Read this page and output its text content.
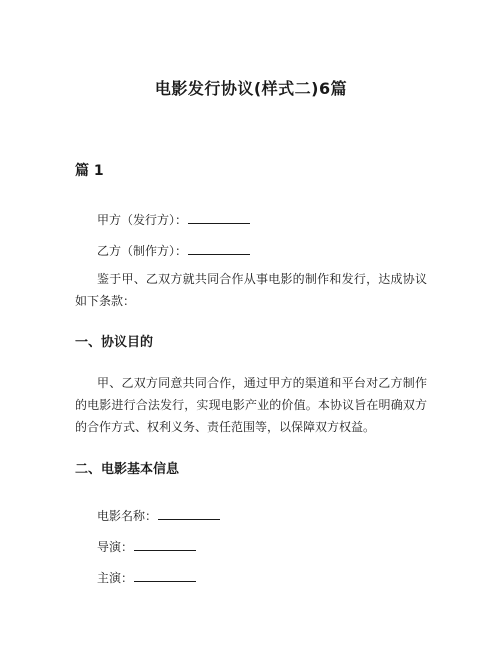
电影发行协议(样式二)6篇
篇 1
甲方（发行方）：
乙方（制作方）：
鉴于甲、乙双方就共同合作从事电影的制作和发行，达成协议如下条款：
一、协议目的
甲、乙双方同意共同合作，通过甲方的渠道和平台对乙方制作的电影进行合法发行，实现电影产业的价值。本协议旨在明确双方的合作方式、权利义务、责任范围等，以保障双方权益。
二、电影基本信息
电影名称：
导演：
主演：
